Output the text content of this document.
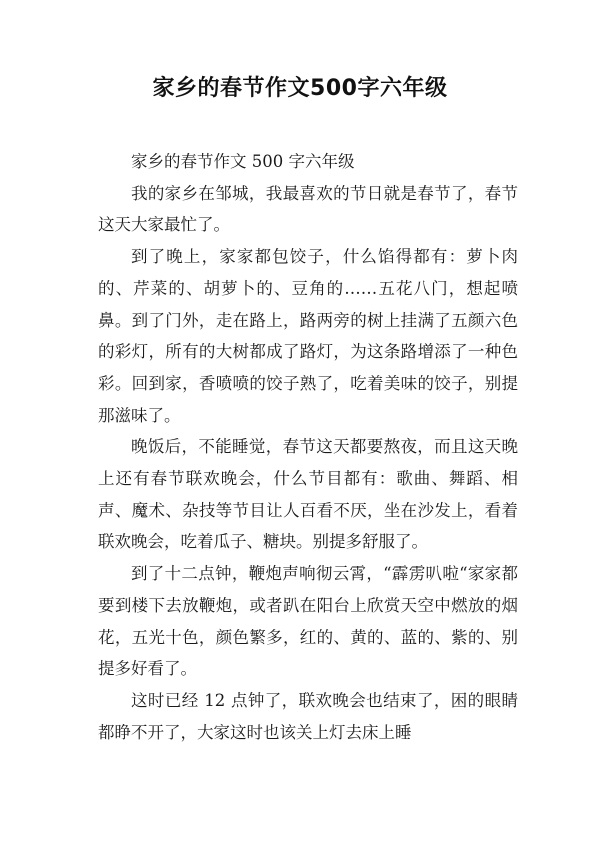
家乡的春节作文500字六年级

家乡的春节作文 500 字六年级

我的家乡在邹城，我最喜欢的节日就是春节了，春节这天大家最忙了。

到了晚上，家家都包饺子，什么馅得都有：萝卜肉的、芹菜的、胡萝卜的、豆角的……五花八门，想起喷鼻。到了门外，走在路上，路两旁的树上挂满了五颜六色的彩灯，所有的大树都成了路灯，为这条路增添了一种色彩。回到家，香喷喷的饺子熟了，吃着美味的饺子，别提那滋味了。

晚饭后，不能睡觉，春节这天都要熬夜，而且这天晚上还有春节联欢晚会，什么节目都有：歌曲、舞蹈、相声、魔术、杂技等节目让人百看不厌，坐在沙发上，看着联欢晚会，吃着瓜子、糖块。别提多舒服了。

到了十二点钟，鞭炮声响彻云霄，“霹雳叭啦“家家都要到楼下去放鞭炮，或者趴在阳台上欣赏天空中燃放的烟花，五光十色，颜色繁多，红的、黄的、蓝的、紫的、别提多好看了。

这时已经 12 点钟了，联欢晚会也结束了，困的眼睛都睁不开了，大家这时也该关上灯去床上睡
